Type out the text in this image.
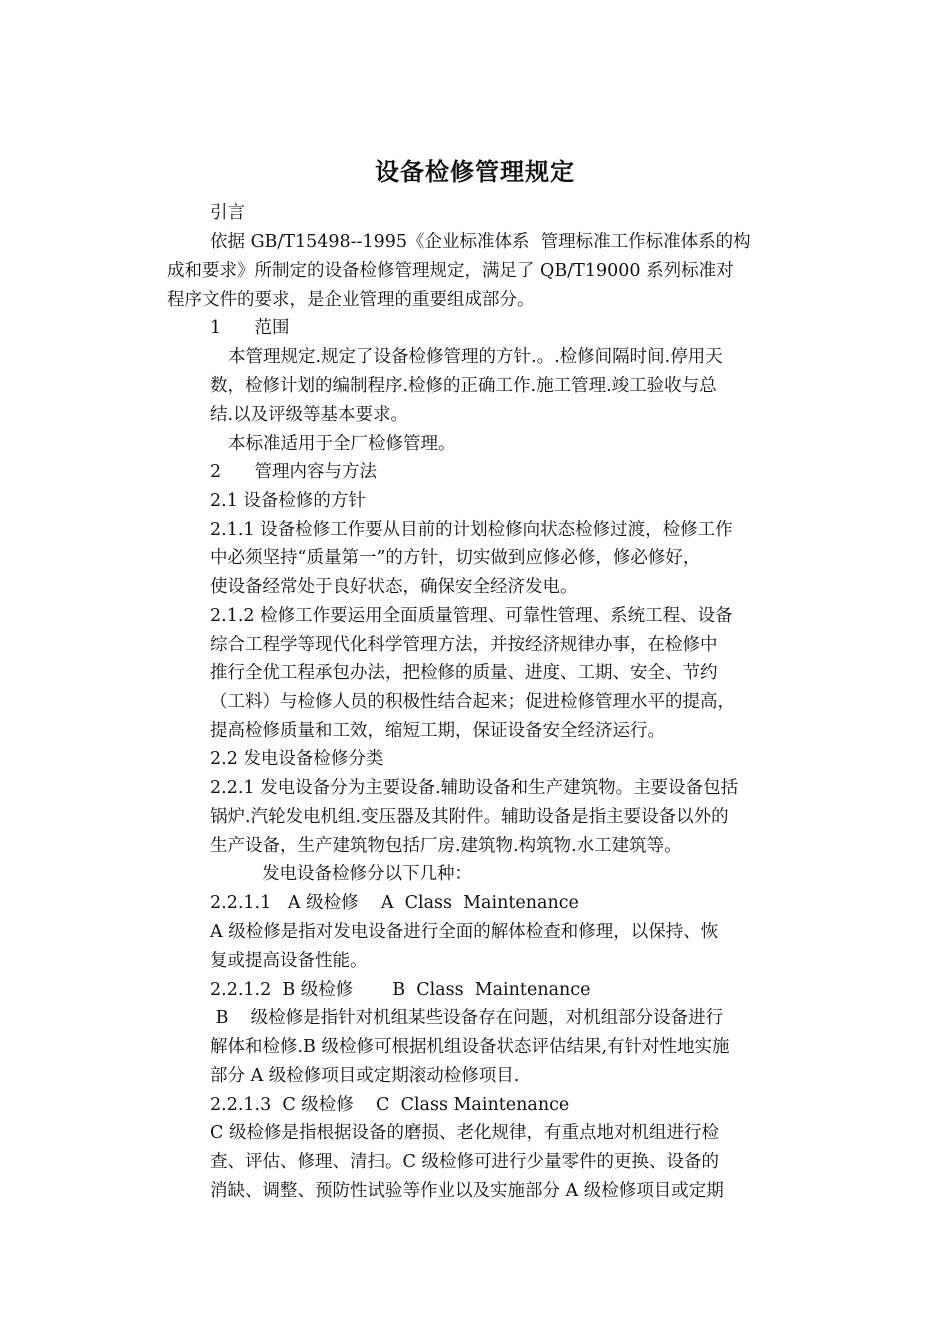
设备检修管理规定
引言
依据 GB/T15498--1995《企业标准体系  管理标准工作标准体系的构
成和要求》所制定的设备检修管理规定，满足了 QB/T19000 系列标准对
程序文件的要求，是企业管理的重要组成部分。
1      范围
本管理规定.规定了设备检修管理的方针.。.检修间隔时间.停用天
数，检修计划的编制程序.检修的正确工作.施工管理.竣工验收与总
结.以及评级等基本要求。
本标准适用于全厂检修管理。
2      管理内容与方法
2.1 设备检修的方针
2.1.1 设备检修工作要从目前的计划检修向状态检修过渡，检修工作
中必须坚持“质量第一”的方针，切实做到应修必修，修必修好，
使设备经常处于良好状态，确保安全经济发电。
2.1.2 检修工作要运用全面质量管理、可靠性管理、系统工程、设备
综合工程学等现代化科学管理方法，并按经济规律办事，在检修中
推行全优工程承包办法，把检修的质量、进度、工期、安全、节约
（工料）与检修人员的积极性结合起来；促进检修管理水平的提高，
提高检修质量和工效，缩短工期，保证设备安全经济运行。
2.2 发电设备检修分类
2.2.1 发电设备分为主要设备.辅助设备和生产建筑物。主要设备包括
锅炉.汽轮发电机组.变压器及其附件。辅助设备是指主要设备以外的
生产设备，生产建筑物包括厂房.建筑物.构筑物.水工建筑等。
发电设备检修分以下几种：
2.2.1.1   A 级检修    A  Class  Maintenance
A 级检修是指对发电设备进行全面的解体检查和修理，以保持、恢
复或提高设备性能。
2.2.1.2  B 级检修       B  Class  Maintenance
B    级检修是指针对机组某些设备存在问题，对机组部分设备进行
解体和检修.B 级检修可根据机组设备状态评估结果,有针对性地实施
部分 A 级检修项目或定期滚动检修项目.
2.2.1.3  C 级检修    C  Class Maintenance
C 级检修是指根据设备的磨损、老化规律，有重点地对机组进行检
查、评估、修理、清扫。C 级检修可进行少量零件的更换、设备的
消缺、调整、预防性试验等作业以及实施部分 A 级检修项目或定期
